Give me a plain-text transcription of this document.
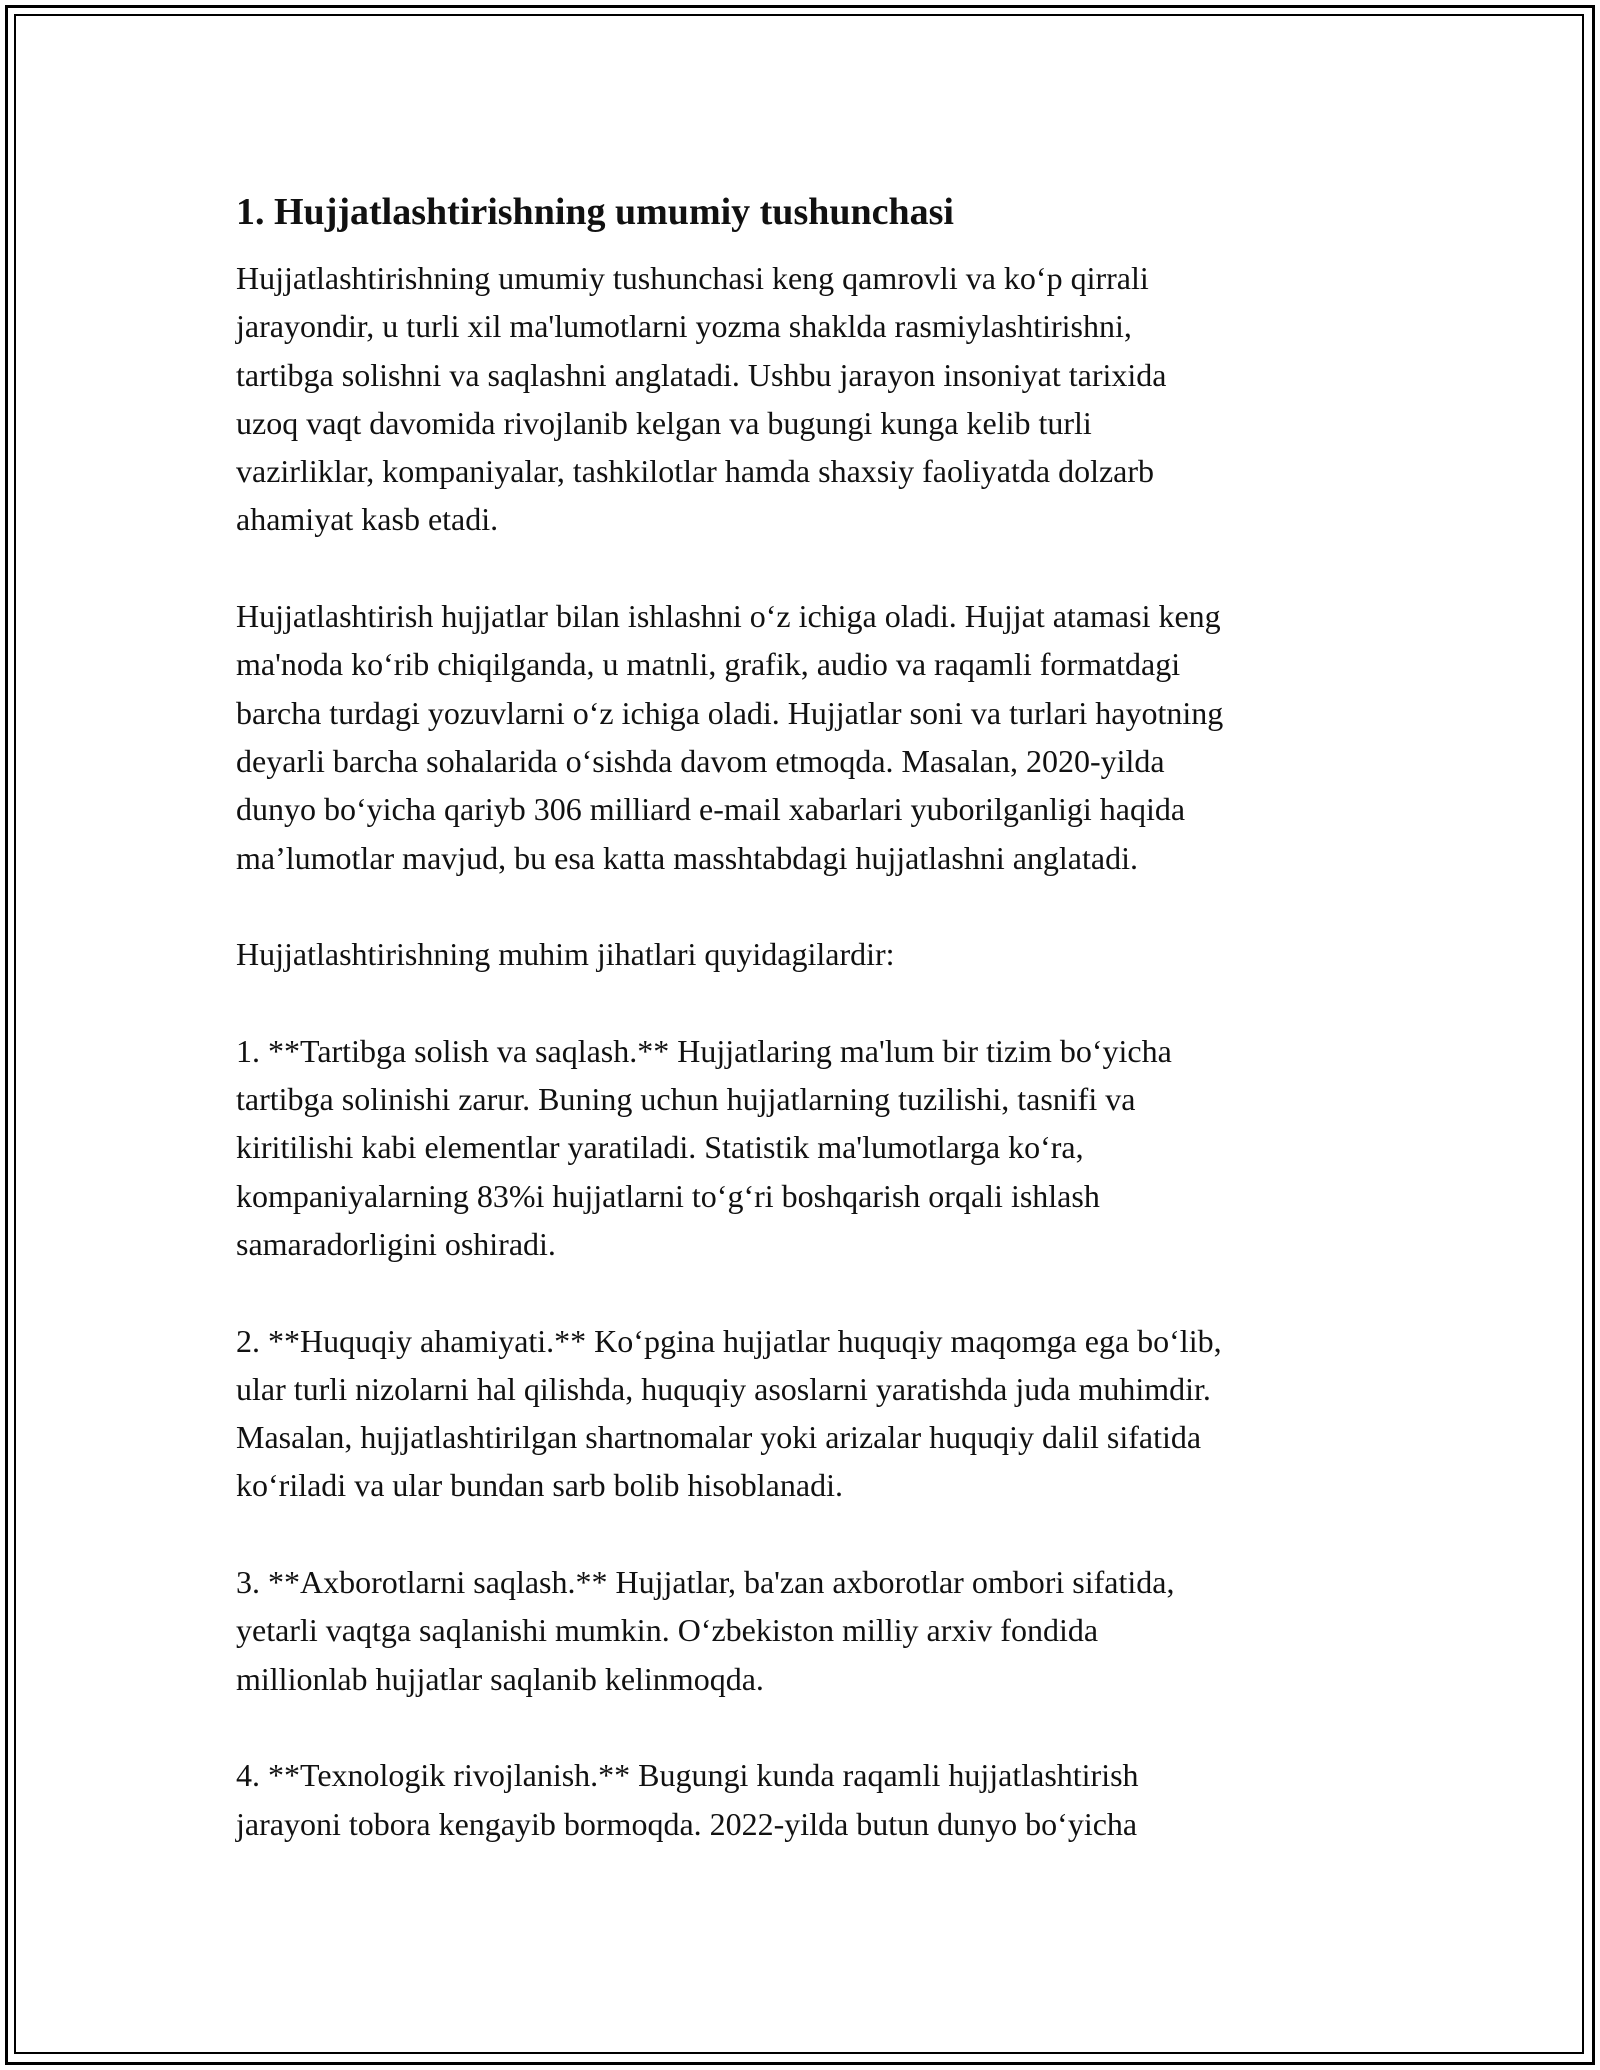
1. Hujjatlashtirishning umumiy tushunchasi
Hujjatlashtirishning umumiy tushunchasi keng qamrovli va koʻp qirrali
jarayondir, u turli xil ma'lumotlarni yozma shaklda rasmiylashtirishni,
tartibga solishni va saqlashni anglatadi. Ushbu jarayon insoniyat tarixida
uzoq vaqt davomida rivojlanib kelgan va bugungi kunga kelib turli
vazirliklar, kompaniyalar, tashkilotlar hamda shaxsiy faoliyatda dolzarb
ahamiyat kasb etadi.
Hujjatlashtirish hujjatlar bilan ishlashni oʻz ichiga oladi. Hujjat atamasi keng
ma'noda koʻrib chiqilganda, u matnli, grafik, audio va raqamli formatdagi
barcha turdagi yozuvlarni oʻz ichiga oladi. Hujjatlar soni va turlari hayotning
deyarli barcha sohalarida oʻsishda davom etmoqda. Masalan, 2020-yilda
dunyo boʻyicha qariyb 306 milliard e-mail xabarlari yuborilganligi haqida
maʼlumotlar mavjud, bu esa katta masshtabdagi hujjatlashni anglatadi.
Hujjatlashtirishning muhim jihatlari quyidagilardir:
1. **Tartibga solish va saqlash.** Hujjatlaring ma'lum bir tizim boʻyicha
tartibga solinishi zarur. Buning uchun hujjatlarning tuzilishi, tasnifi va
kiritilishi kabi elementlar yaratiladi. Statistik ma'lumotlarga koʻra,
kompaniyalarning 83%i hujjatlarni toʻgʻri boshqarish orqali ishlash
samaradorligini oshiradi.
2. **Huquqiy ahamiyati.** Koʻpgina hujjatlar huquqiy maqomga ega boʻlib,
ular turli nizolarni hal qilishda, huquqiy asoslarni yaratishda juda muhimdir.
Masalan, hujjatlashtirilgan shartnomalar yoki arizalar huquqiy dalil sifatida
koʻriladi va ular bundan sarb bolib hisoblanadi.
3. **Axborotlarni saqlash.** Hujjatlar, ba'zan axborotlar ombori sifatida,
yetarli vaqtga saqlanishi mumkin. Oʻzbekiston milliy arxiv fondida
millionlab hujjatlar saqlanib kelinmoqda.
4. **Texnologik rivojlanish.** Bugungi kunda raqamli hujjatlashtirish
jarayoni tobora kengayib bormoqda. 2022-yilda butun dunyo boʻyicha
